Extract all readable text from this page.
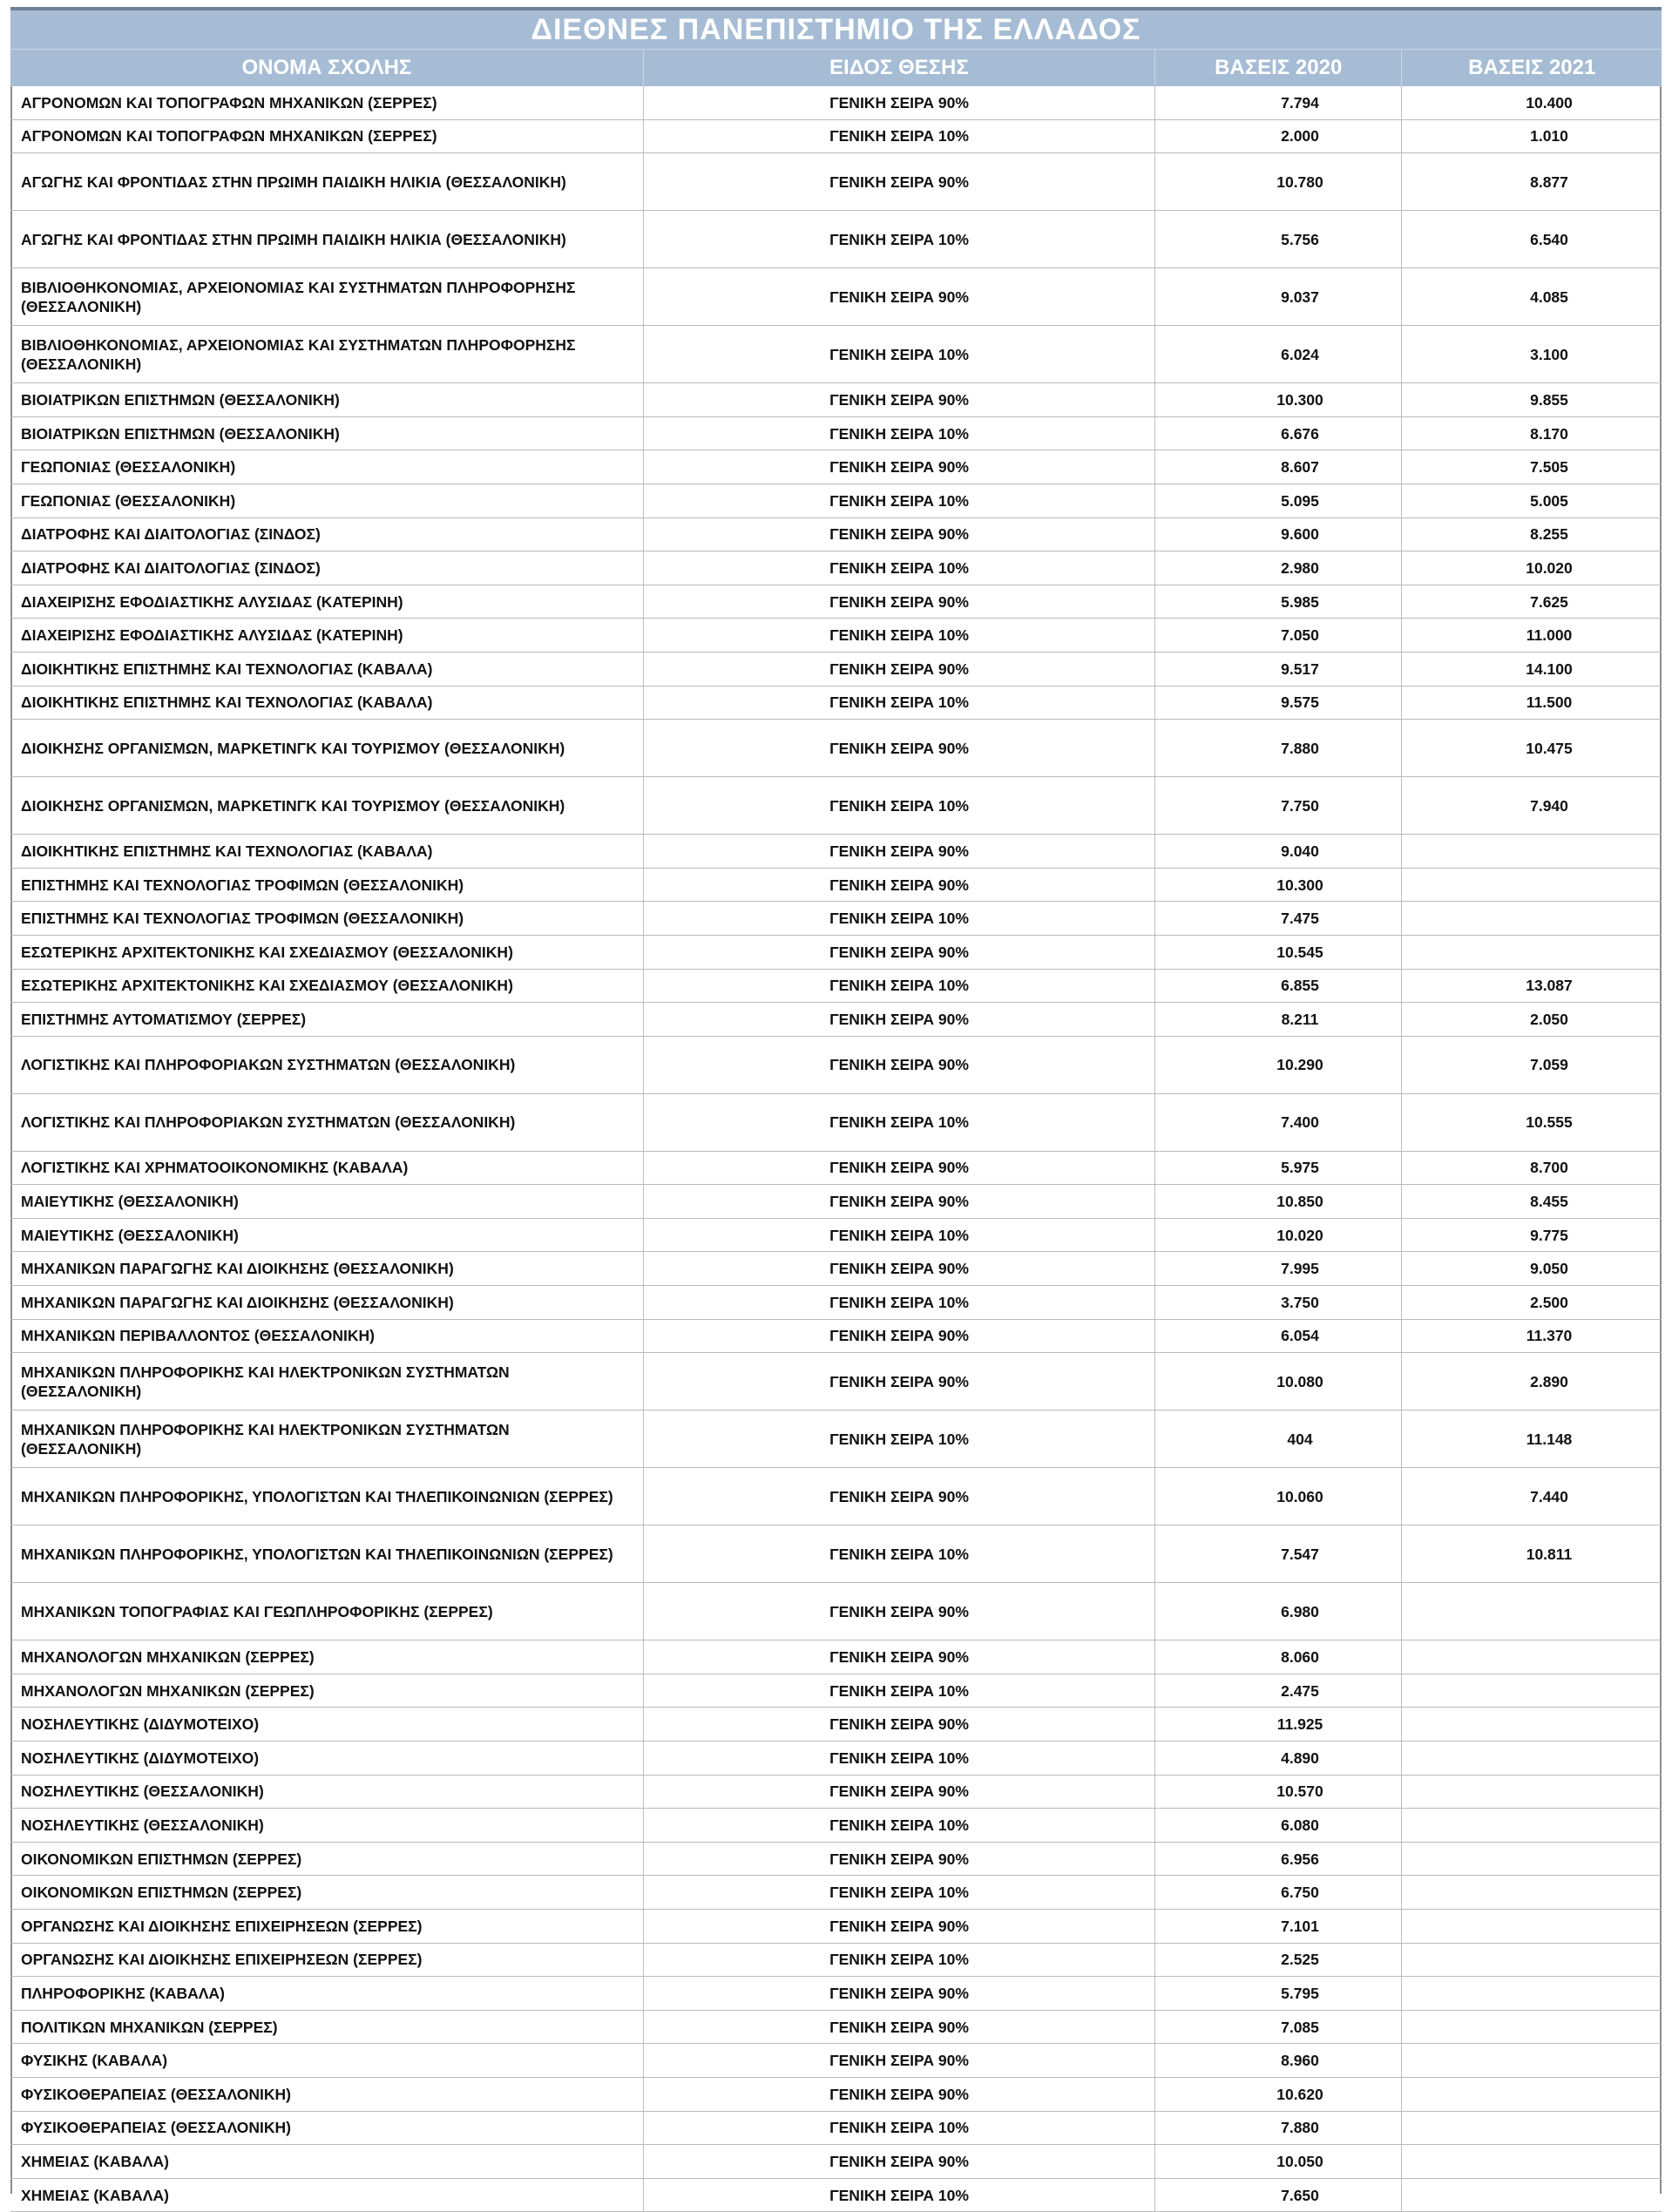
ΔΙΕΘΝΕΣ ΠΑΝΕΠΙΣΤΗΜΙΟ ΤΗΣ ΕΛΛΑΔΟΣ
ΟΝΟΜΑ ΣΧΟΛΗΣ	ΕΙΔΟΣ ΘΕΣΗΣ	ΒΑΣΕΙΣ 2020	ΒΑΣΕΙΣ 2021
ΑΓΡΟΝΟΜΩΝ ΚΑΙ ΤΟΠΟΓΡΑΦΩΝ ΜΗΧΑΝΙΚΩΝ (ΣΕΡΡΕΣ)	ΓΕΝΙΚΗ ΣΕΙΡΑ 90%	7.794	10.400
ΑΓΡΟΝΟΜΩΝ ΚΑΙ ΤΟΠΟΓΡΑΦΩΝ ΜΗΧΑΝΙΚΩΝ (ΣΕΡΡΕΣ)	ΓΕΝΙΚΗ ΣΕΙΡΑ 10%	2.000	1.010
ΑΓΩΓΗΣ ΚΑΙ ΦΡΟΝΤΙΔΑΣ ΣΤΗΝ ΠΡΩΙΜΗ ΠΑΙΔΙΚΗ ΗΛΙΚΙΑ (ΘΕΣΣΑΛΟΝΙΚΗ)	ΓΕΝΙΚΗ ΣΕΙΡΑ 90%	10.780	8.877
ΑΓΩΓΗΣ ΚΑΙ ΦΡΟΝΤΙΔΑΣ ΣΤΗΝ ΠΡΩΙΜΗ ΠΑΙΔΙΚΗ ΗΛΙΚΙΑ (ΘΕΣΣΑΛΟΝΙΚΗ)	ΓΕΝΙΚΗ ΣΕΙΡΑ 10%	5.756	6.540
ΒΙΒΛΙΟΘΗΚΟΝΟΜΙΑΣ, ΑΡΧΕΙΟΝΟΜΙΑΣ ΚΑΙ ΣΥΣΤΗΜΑΤΩΝ ΠΛΗΡΟΦΟΡΗΣΗΣ (ΘΕΣΣΑΛΟΝΙΚΗ)
ΓΕΝΙΚΗ ΣΕΙΡΑ 90%	9.037	4.085
ΒΙΒΛΙΟΘΗΚΟΝΟΜΙΑΣ, ΑΡΧΕΙΟΝΟΜΙΑΣ ΚΑΙ ΣΥΣΤΗΜΑΤΩΝ ΠΛΗΡΟΦΟΡΗΣΗΣ (ΘΕΣΣΑΛΟΝΙΚΗ)
ΓΕΝΙΚΗ ΣΕΙΡΑ 10%	6.024	3.100
ΒΙΟΙΑΤΡΙΚΩΝ ΕΠΙΣΤΗΜΩΝ (ΘΕΣΣΑΛΟΝΙΚΗ)	ΓΕΝΙΚΗ ΣΕΙΡΑ 90%	10.300	9.855
ΒΙΟΙΑΤΡΙΚΩΝ ΕΠΙΣΤΗΜΩΝ (ΘΕΣΣΑΛΟΝΙΚΗ)	ΓΕΝΙΚΗ ΣΕΙΡΑ 10%	6.676	8.170
ΓΕΩΠΟΝΙΑΣ (ΘΕΣΣΑΛΟΝΙΚΗ)	ΓΕΝΙΚΗ ΣΕΙΡΑ 90%	8.607	7.505
ΓΕΩΠΟΝΙΑΣ (ΘΕΣΣΑΛΟΝΙΚΗ)	ΓΕΝΙΚΗ ΣΕΙΡΑ 10%	5.095	5.005
ΔΙΑΤΡΟΦΗΣ ΚΑΙ ΔΙΑΙΤΟΛΟΓΙΑΣ (ΣΙΝΔΟΣ)	ΓΕΝΙΚΗ ΣΕΙΡΑ 90%	9.600	8.255
ΔΙΑΤΡΟΦΗΣ ΚΑΙ ΔΙΑΙΤΟΛΟΓΙΑΣ (ΣΙΝΔΟΣ)	ΓΕΝΙΚΗ ΣΕΙΡΑ 10%	2.980	10.020
ΔΙΑΧΕΙΡΙΣΗΣ ΕΦΟΔΙΑΣΤΙΚΗΣ ΑΛΥΣΙΔΑΣ (ΚΑΤΕΡΙΝΗ)	ΓΕΝΙΚΗ ΣΕΙΡΑ 90%	5.985	7.625
ΔΙΑΧΕΙΡΙΣΗΣ ΕΦΟΔΙΑΣΤΙΚΗΣ ΑΛΥΣΙΔΑΣ (ΚΑΤΕΡΙΝΗ)	ΓΕΝΙΚΗ ΣΕΙΡΑ 10%	7.050	11.000
ΔΙΟΙΚΗΤΙΚΗΣ ΕΠΙΣΤΗΜΗΣ ΚΑΙ ΤΕΧΝΟΛΟΓΙΑΣ (ΚΑΒΑΛΑ)	ΓΕΝΙΚΗ ΣΕΙΡΑ 90%	9.517	14.100
ΔΙΟΙΚΗΤΙΚΗΣ ΕΠΙΣΤΗΜΗΣ ΚΑΙ ΤΕΧΝΟΛΟΓΙΑΣ (ΚΑΒΑΛΑ)	ΓΕΝΙΚΗ ΣΕΙΡΑ 10%	9.575	11.500
ΔΙΟΙΚΗΣΗΣ ΟΡΓΑΝΙΣΜΩΝ, ΜΑΡΚΕΤΙΝΓΚ ΚΑΙ ΤΟΥΡΙΣΜΟΥ (ΘΕΣΣΑΛΟΝΙΚΗ)	ΓΕΝΙΚΗ ΣΕΙΡΑ 90%	7.880	10.475
ΔΙΟΙΚΗΣΗΣ ΟΡΓΑΝΙΣΜΩΝ, ΜΑΡΚΕΤΙΝΓΚ ΚΑΙ ΤΟΥΡΙΣΜΟΥ (ΘΕΣΣΑΛΟΝΙΚΗ)	ΓΕΝΙΚΗ ΣΕΙΡΑ 10%	7.750	7.940
ΔΙΟΙΚΗΤΙΚΗΣ ΕΠΙΣΤΗΜΗΣ ΚΑΙ ΤΕΧΝΟΛΟΓΙΑΣ (ΚΑΒΑΛΑ)	ΓΕΝΙΚΗ ΣΕΙΡΑ 90%	9.040
ΕΠΙΣΤΗΜΗΣ ΚΑΙ ΤΕΧΝΟΛΟΓΙΑΣ ΤΡΟΦΙΜΩΝ (ΘΕΣΣΑΛΟΝΙΚΗ)	ΓΕΝΙΚΗ ΣΕΙΡΑ 90%	10.300
ΕΠΙΣΤΗΜΗΣ ΚΑΙ ΤΕΧΝΟΛΟΓΙΑΣ ΤΡΟΦΙΜΩΝ (ΘΕΣΣΑΛΟΝΙΚΗ)	ΓΕΝΙΚΗ ΣΕΙΡΑ 10%	7.475
ΕΣΩΤΕΡΙΚΗΣ ΑΡΧΙΤΕΚΤΟΝΙΚΗΣ ΚΑΙ ΣΧΕΔΙΑΣΜΟΥ (ΘΕΣΣΑΛΟΝΙΚΗ)	ΓΕΝΙΚΗ ΣΕΙΡΑ 90%	10.545
ΕΣΩΤΕΡΙΚΗΣ ΑΡΧΙΤΕΚΤΟΝΙΚΗΣ ΚΑΙ ΣΧΕΔΙΑΣΜΟΥ (ΘΕΣΣΑΛΟΝΙΚΗ)	ΓΕΝΙΚΗ ΣΕΙΡΑ 10%	6.855	13.087
ΕΠΙΣΤΗΜΗΣ ΑΥΤΟΜΑΤΙΣΜΟΥ (ΣΕΡΡΕΣ)	ΓΕΝΙΚΗ ΣΕΙΡΑ 90%	8.211	2.050
ΛΟΓΙΣΤΙΚΗΣ ΚΑΙ ΠΛΗΡΟΦΟΡΙΑΚΩΝ ΣΥΣΤΗΜΑΤΩΝ (ΘΕΣΣΑΛΟΝΙΚΗ)	ΓΕΝΙΚΗ ΣΕΙΡΑ 90%	10.290	7.059
ΛΟΓΙΣΤΙΚΗΣ ΚΑΙ ΠΛΗΡΟΦΟΡΙΑΚΩΝ ΣΥΣΤΗΜΑΤΩΝ (ΘΕΣΣΑΛΟΝΙΚΗ)	ΓΕΝΙΚΗ ΣΕΙΡΑ 10%	7.400	10.555
ΛΟΓΙΣΤΙΚΗΣ ΚΑΙ ΧΡΗΜΑΤΟΟΙΚΟΝΟΜΙΚΗΣ (ΚΑΒΑΛΑ)	ΓΕΝΙΚΗ ΣΕΙΡΑ 90%	5.975	8.700
ΜΑΙΕΥΤΙΚΗΣ (ΘΕΣΣΑΛΟΝΙΚΗ)	ΓΕΝΙΚΗ ΣΕΙΡΑ 90%	10.850	8.455
ΜΑΙΕΥΤΙΚΗΣ (ΘΕΣΣΑΛΟΝΙΚΗ)	ΓΕΝΙΚΗ ΣΕΙΡΑ 10%	10.020	9.775
ΜΗΧΑΝΙΚΩΝ ΠΑΡΑΓΩΓΗΣ ΚΑΙ ΔΙΟΙΚΗΣΗΣ (ΘΕΣΣΑΛΟΝΙΚΗ)	ΓΕΝΙΚΗ ΣΕΙΡΑ 90%	7.995	9.050
ΜΗΧΑΝΙΚΩΝ ΠΑΡΑΓΩΓΗΣ ΚΑΙ ΔΙΟΙΚΗΣΗΣ (ΘΕΣΣΑΛΟΝΙΚΗ)	ΓΕΝΙΚΗ ΣΕΙΡΑ 10%	3.750	2.500
ΜΗΧΑΝΙΚΩΝ ΠΕΡΙΒΑΛΛΟΝΤΟΣ (ΘΕΣΣΑΛΟΝΙΚΗ)	ΓΕΝΙΚΗ ΣΕΙΡΑ 90%	6.054	11.370
ΜΗΧΑΝΙΚΩΝ ΠΛΗΡΟΦΟΡΙΚΗΣ ΚΑΙ ΗΛΕΚΤΡΟΝΙΚΩΝ ΣΥΣΤΗΜΑΤΩΝ (ΘΕΣΣΑΛΟΝΙΚΗ)
ΓΕΝΙΚΗ ΣΕΙΡΑ 90%	10.080	2.890
ΜΗΧΑΝΙΚΩΝ ΠΛΗΡΟΦΟΡΙΚΗΣ ΚΑΙ ΗΛΕΚΤΡΟΝΙΚΩΝ ΣΥΣΤΗΜΑΤΩΝ (ΘΕΣΣΑΛΟΝΙΚΗ)
ΓΕΝΙΚΗ ΣΕΙΡΑ 10%	404	11.148
ΜΗΧΑΝΙΚΩΝ ΠΛΗΡΟΦΟΡΙΚΗΣ, ΥΠΟΛΟΓΙΣΤΩΝ ΚΑΙ ΤΗΛΕΠΙΚΟΙΝΩΝΙΩΝ (ΣΕΡΡΕΣ)	ΓΕΝΙΚΗ ΣΕΙΡΑ 90%	10.060	7.440
ΜΗΧΑΝΙΚΩΝ ΠΛΗΡΟΦΟΡΙΚΗΣ, ΥΠΟΛΟΓΙΣΤΩΝ ΚΑΙ ΤΗΛΕΠΙΚΟΙΝΩΝΙΩΝ (ΣΕΡΡΕΣ)	ΓΕΝΙΚΗ ΣΕΙΡΑ 10%	7.547	10.811
ΜΗΧΑΝΙΚΩΝ ΤΟΠΟΓΡΑΦΙΑΣ ΚΑΙ ΓΕΩΠΛΗΡΟΦΟΡΙΚΗΣ (ΣΕΡΡΕΣ)	ΓΕΝΙΚΗ ΣΕΙΡΑ 90%	6.980
ΜΗΧΑΝΟΛΟΓΩΝ ΜΗΧΑΝΙΚΩΝ (ΣΕΡΡΕΣ)	ΓΕΝΙΚΗ ΣΕΙΡΑ 90%	8.060
ΜΗΧΑΝΟΛΟΓΩΝ ΜΗΧΑΝΙΚΩΝ (ΣΕΡΡΕΣ)	ΓΕΝΙΚΗ ΣΕΙΡΑ 10%	2.475
ΝΟΣΗΛΕΥΤΙΚΗΣ (ΔΙΔΥΜΟΤΕΙΧΟ)	ΓΕΝΙΚΗ ΣΕΙΡΑ 90%	11.925
ΝΟΣΗΛΕΥΤΙΚΗΣ (ΔΙΔΥΜΟΤΕΙΧΟ)	ΓΕΝΙΚΗ ΣΕΙΡΑ 10%	4.890
ΝΟΣΗΛΕΥΤΙΚΗΣ (ΘΕΣΣΑΛΟΝΙΚΗ)	ΓΕΝΙΚΗ ΣΕΙΡΑ 90%	10.570
ΝΟΣΗΛΕΥΤΙΚΗΣ (ΘΕΣΣΑΛΟΝΙΚΗ)	ΓΕΝΙΚΗ ΣΕΙΡΑ 10%	6.080
ΟΙΚΟΝΟΜΙΚΩΝ ΕΠΙΣΤΗΜΩΝ (ΣΕΡΡΕΣ)	ΓΕΝΙΚΗ ΣΕΙΡΑ 90%	6.956
ΟΙΚΟΝΟΜΙΚΩΝ ΕΠΙΣΤΗΜΩΝ (ΣΕΡΡΕΣ)	ΓΕΝΙΚΗ ΣΕΙΡΑ 10%	6.750
ΟΡΓΑΝΩΣΗΣ ΚΑΙ ΔΙΟΙΚΗΣΗΣ ΕΠΙΧΕΙΡΗΣΕΩΝ (ΣΕΡΡΕΣ)	ΓΕΝΙΚΗ ΣΕΙΡΑ 90%	7.101
ΟΡΓΑΝΩΣΗΣ ΚΑΙ ΔΙΟΙΚΗΣΗΣ ΕΠΙΧΕΙΡΗΣΕΩΝ (ΣΕΡΡΕΣ)	ΓΕΝΙΚΗ ΣΕΙΡΑ 10%	2.525
ΠΛΗΡΟΦΟΡΙΚΗΣ (ΚΑΒΑΛΑ)	ΓΕΝΙΚΗ ΣΕΙΡΑ 90%	5.795
ΠΟΛΙΤΙΚΩΝ ΜΗΧΑΝΙΚΩΝ (ΣΕΡΡΕΣ)	ΓΕΝΙΚΗ ΣΕΙΡΑ 90%	7.085
ΦΥΣΙΚΗΣ (ΚΑΒΑΛΑ)	ΓΕΝΙΚΗ ΣΕΙΡΑ 90%	8.960
ΦΥΣΙΚΟΘΕΡΑΠΕΙΑΣ (ΘΕΣΣΑΛΟΝΙΚΗ)	ΓΕΝΙΚΗ ΣΕΙΡΑ 90%	10.620
ΦΥΣΙΚΟΘΕΡΑΠΕΙΑΣ (ΘΕΣΣΑΛΟΝΙΚΗ)	ΓΕΝΙΚΗ ΣΕΙΡΑ 10%	7.880
ΧΗΜΕΙΑΣ (ΚΑΒΑΛΑ)	ΓΕΝΙΚΗ ΣΕΙΡΑ 90%	10.050
ΧΗΜΕΙΑΣ (ΚΑΒΑΛΑ)	ΓΕΝΙΚΗ ΣΕΙΡΑ 10%	7.650
